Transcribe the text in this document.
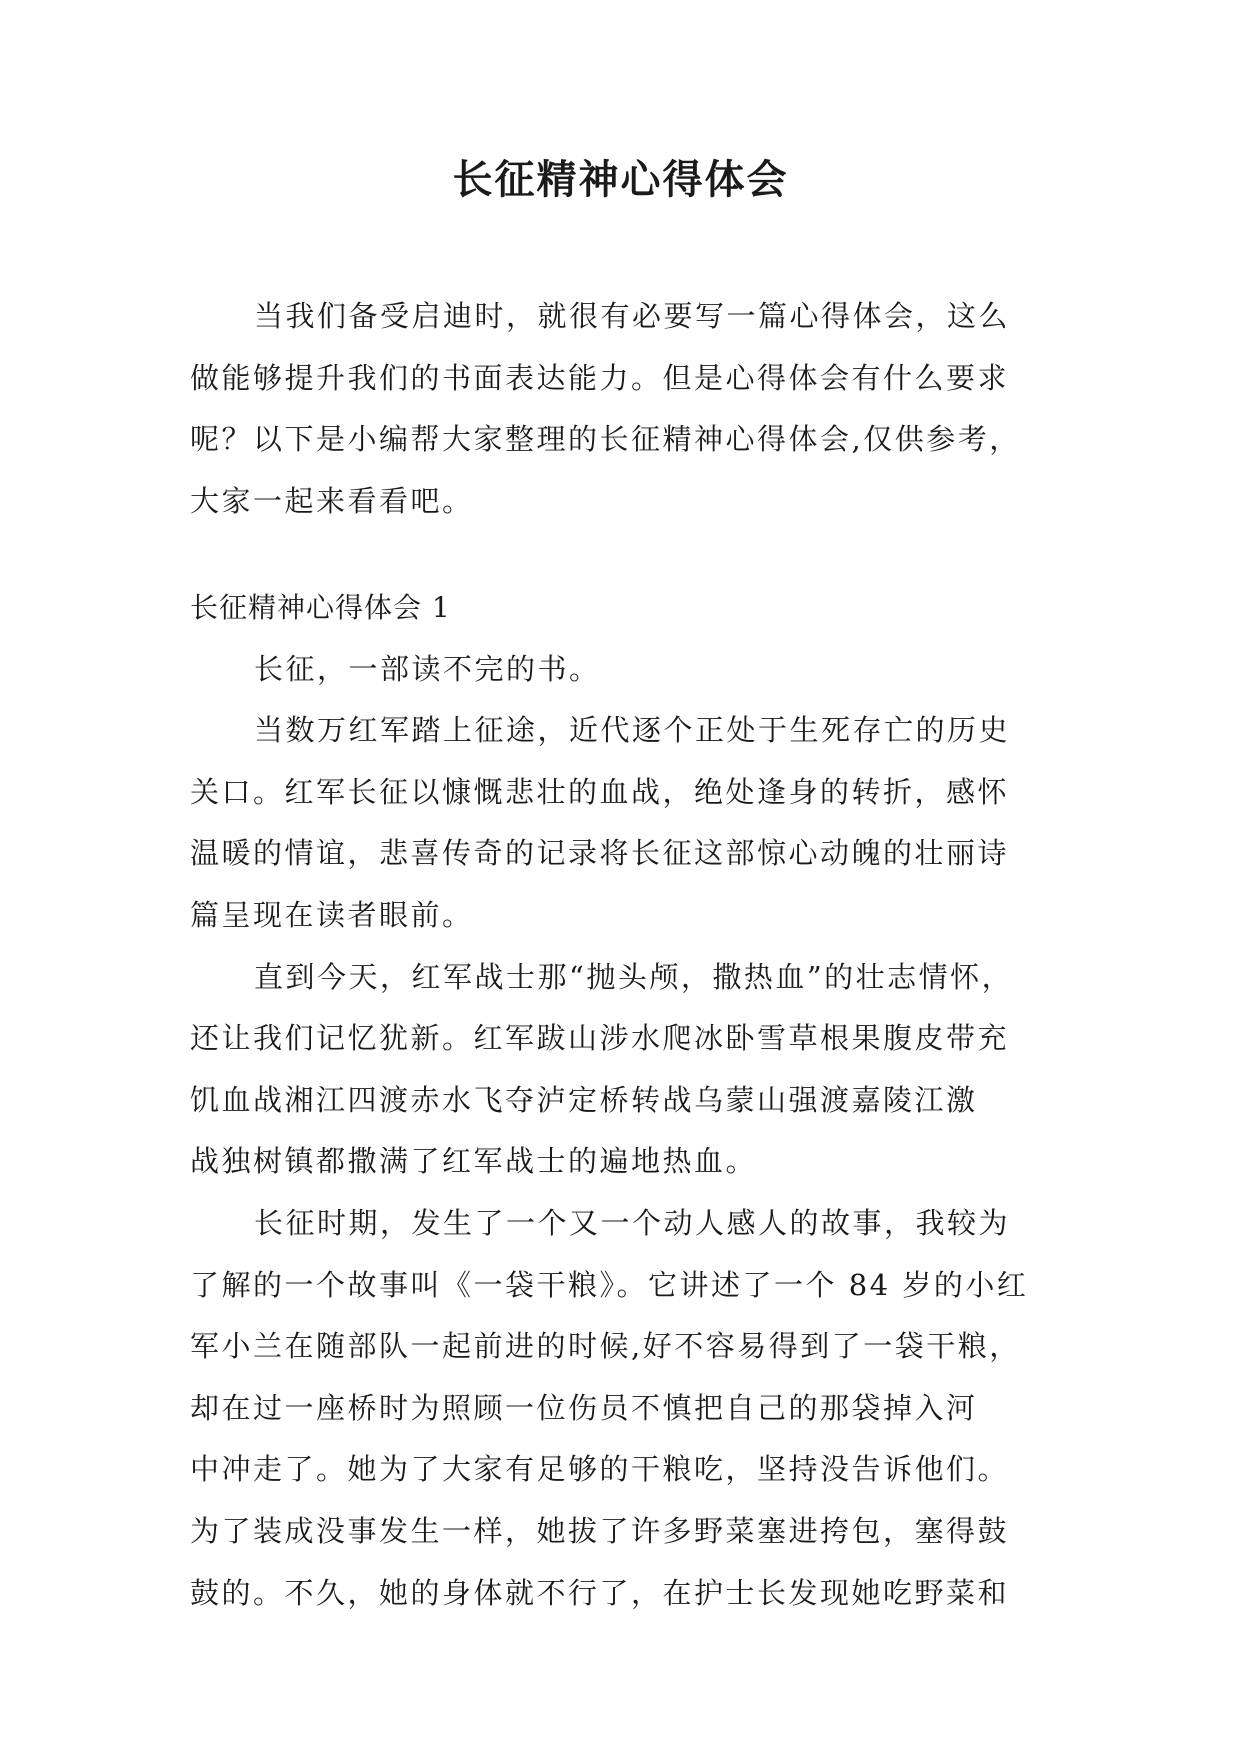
长征精神心得体会
当我们备受启迪时，就很有必要写一篇心得体会，这么
做能够提升我们的书面表达能力。但是心得体会有什么要求
呢？以下是小编帮大家整理的长征精神心得体会,仅供参考，
大家一起来看看吧。
长征精神心得体会 1
长征，一部读不完的书。
当数万红军踏上征途，近代逐个正处于生死存亡的历史
关口。红军长征以慷慨悲壮的血战，绝处逢身的转折，感怀
温暖的情谊，悲喜传奇的记录将长征这部惊心动魄的壮丽诗
篇呈现在读者眼前。
直到今天，红军战士那“抛头颅，撒热血”的壮志情怀，
还让我们记忆犹新。红军跋山涉水爬冰卧雪草根果腹皮带充
饥血战湘江四渡赤水飞夺泸定桥转战乌蒙山强渡嘉陵江激
战独树镇都撒满了红军战士的遍地热血。
长征时期，发生了一个又一个动人感人的故事，我较为
了解的一个故事叫《一袋干粮》。它讲述了一个 84 岁的小红
军小兰在随部队一起前进的时候,好不容易得到了一袋干粮，
却在过一座桥时为照顾一位伤员不慎把自己的那袋掉入河
中冲走了。她为了大家有足够的干粮吃，坚持没告诉他们。
为了装成没事发生一样，她拔了许多野菜塞进挎包，塞得鼓
鼓的。不久，她的身体就不行了，在护士长发现她吃野菜和
